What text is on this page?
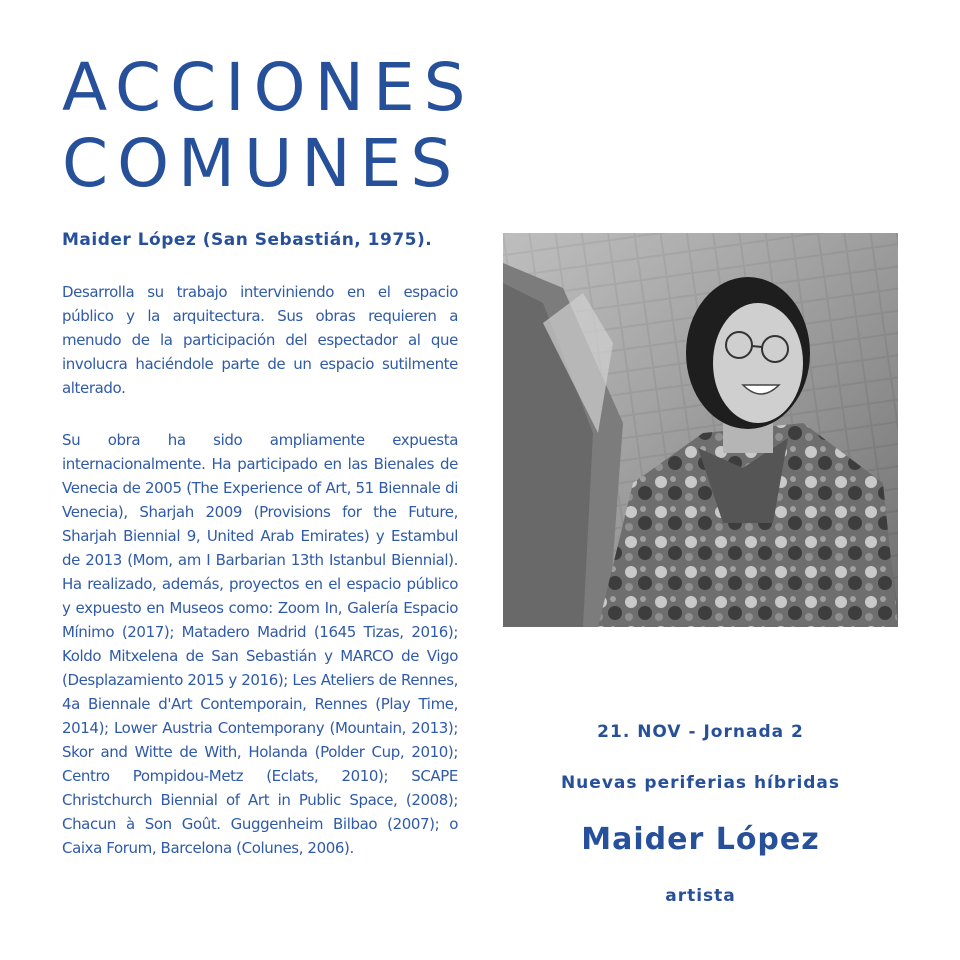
ACCIONES
COMUNES

Maider López (San Sebastián, 1975).

Desarrolla su trabajo interviniendo en el espacio público y la arquitectura. Sus obras requieren a menudo de la participación del espectador al que involucra haciéndole parte de un espacio sutilmente alterado.

Su obra ha sido ampliamente expuesta internacionalmente. Ha participado en las Bienales de Venecia de 2005 (The Experience of Art, 51 Biennale di Venecia), Sharjah 2009 (Provisions for the Future, Sharjah Biennial 9, United Arab Emirates) y Estambul de 2013 (Mom, am I Barbarian 13th Istanbul Biennial). Ha realizado, además, proyectos en el espacio público y expuesto en Museos como: Zoom In, Galería Espacio Mínimo (2017); Matadero Madrid (1645 Tizas, 2016); Koldo Mitxelena de San Sebastián y MARCO de Vigo (Desplazamiento 2015 y 2016); Les Ateliers de Rennes, 4a Biennale d'Art Contemporain, Rennes (Play Time, 2014); Lower Austria Contemporany (Mountain, 2013); Skor and Witte de With, Holanda (Polder Cup, 2010); Centro Pompidou-Metz (Eclats, 2010); SCAPE Christchurch Biennial of Art in Public Space, (2008); Chacun à Son Goût. Guggenheim Bilbao (2007); o Caixa Forum, Barcelona (Colunes, 2006).

21. NOV - Jornada 2

Nuevas periferias híbridas

Maider López

artista
